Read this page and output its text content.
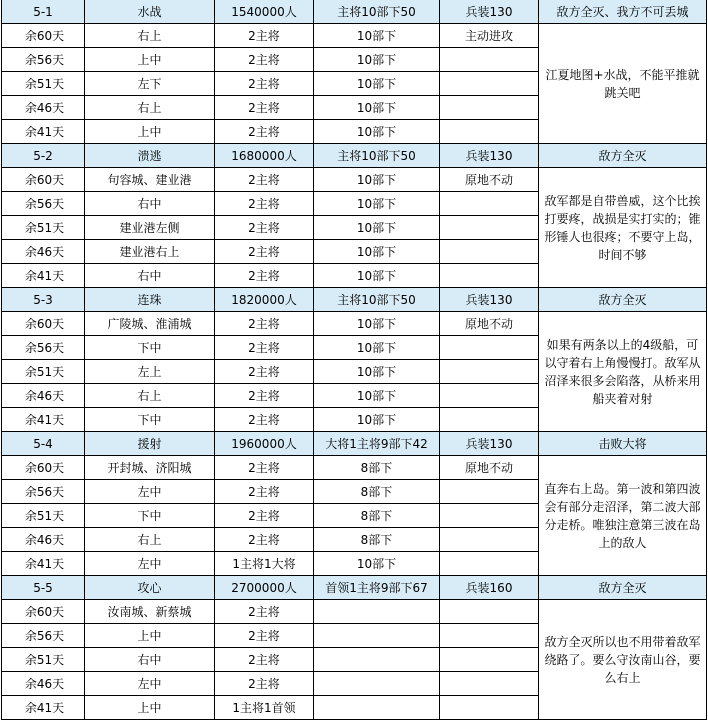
5-1	水战	1540000人	主将10部下50	兵装130	敌方全灭、我方不可丢城
余60天	右上	2主将	10部下	主动进攻	江夏地图+水战，不能平推就跳关吧
余56天	上中	2主将	10部下		
余51天	左下	2主将	10部下		
余46天	右上	2主将	10部下		
余41天	上中	2主将	10部下		
5-2	溃逃	1680000人	主将10部下50	兵装130	敌方全灭
余60天	句容城、建业港	2主将	10部下	原地不动	敌军都是自带兽威，这个比挨打要疼，战损是实打实的；锥形锤人也很疼；不要守上岛，时间不够
余56天	右中	2主将	10部下		
余51天	建业港左侧	2主将	10部下		
余46天	建业港右上	2主将	10部下		
余41天	右中	2主将	10部下		
5-3	连珠	1820000人	主将10部下50	兵装130	敌方全灭
余60天	广陵城、淮浦城	2主将	10部下	原地不动	如果有两条以上的4级船，可以守着右上角慢慢打。敌军从沼泽来很多会陷落，从桥来用船夹着对射
余56天	下中	2主将	10部下		
余51天	左上	2主将	10部下		
余46天	右上	2主将	10部下		
余41天	下中	2主将	10部下		
5-4	援射	1960000人	大将1主将9部下42	兵装130	击败大将
余60天	开封城、济阳城	2主将	8部下	原地不动	直奔右上岛。第一波和第四波会有部分走沼泽，第二波大部分走桥。唯独注意第三波在岛上的敌人
余56天	左中	2主将	8部下		
余51天	下中	2主将	8部下		
余46天	右上	2主将	8部下		
余41天	左中	1主将1大将	10部下		
5-5	攻心	2700000人	首领1主将9部下67	兵装160	敌方全灭
余60天	汝南城、新蔡城	2主将			敌方全灭所以也不用带着敌军绕路了。要么守汝南山谷，要么右上
余56天	上中	2主将			
余51天	右中	2主将			
余46天	左中	2主将			
余41天	上中	1主将1首领			
